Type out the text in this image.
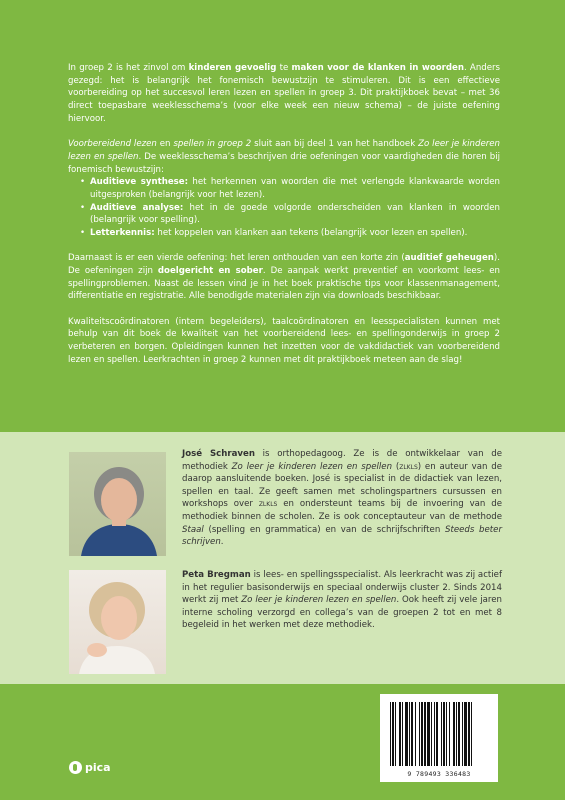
In groep 2 is het zinvol om kinderen gevoelig te maken voor de klanken in woorden. Anders gezegd: het is belangrijk het fonemisch bewustzijn te stimuleren. Dit is een effectieve voorbereiding op het succesvol leren lezen en spellen in groep 3. Dit praktijkboek bevat – met 36 direct toepasbare weeklesschema’s (voor elke week een nieuw schema) – de juiste oefening hiervoor.

Voorbereidend lezen en spellen in groep 2 sluit aan bij deel 1 van het handboek Zo leer je kinderen lezen en spellen. De weeklesschema’s beschrijven drie oefeningen voor vaardigheden die horen bij fonemisch bewustzijn:

• Auditieve synthese: het herkennen van woorden die met verlengde klankwaarde worden uitgesproken (belangrijk voor het lezen).
• Auditieve analyse: het in de goede volgorde onderscheiden van klanken in woorden (belangrijk voor spelling).
• Letterkennis: het koppelen van klanken aan tekens (belangrijk voor lezen en spellen).

Daarnaast is er een vierde oefening: het leren onthouden van een korte zin (auditief geheugen). De oefeningen zijn doelgericht en sober. De aanpak werkt preventief en voorkomt lees- en spellingproblemen. Naast de lessen vind je in het boek praktische tips voor klassenmanagement, differentiatie en registratie. Alle benodigde materialen zijn via downloads beschikbaar.

Kwaliteitscoördinatoren (intern begeleiders), taalcoördinatoren en leesspecialisten kunnen met behulp van dit boek de kwaliteit van het voorbereidend lees- en spellingonderwijs in groep 2 verbeteren en borgen. Opleidingen kunnen het inzetten voor de vakdidactiek van voorbereidend lezen en spellen. Leerkrachten in groep 2 kunnen met dit praktijkboek meteen aan de slag!

José Schraven is orthopedagoog. Ze is de ontwikkelaar van de methodiek Zo leer je kinderen lezen en spellen (zlkls) en auteur van de daarop aansluitende boeken. José is specialist in de didactiek van lezen, spellen en taal. Ze geeft samen met scholingspartners cursussen en workshops over zlkls en ondersteunt teams bij de invoering van de methodiek binnen de scholen. Ze is ook conceptauteur van de methode Staal (spelling en grammatica) en van de schrijfschriften Steeds beter schrijven.
Peta Bregman is lees- en spellingsspecialist. Als leerkracht was zij actief in het regulier basisonderwijs en speciaal onderwijs cluster 2. Sinds 2014 werkt zij met Zo leer je kinderen lezen en spellen. Ook heeft zij vele jaren interne scholing verzorgd en collega’s van de groepen 2 tot en met 8 begeleid in het werken met deze methodiek.
pica	9 789493 336483
